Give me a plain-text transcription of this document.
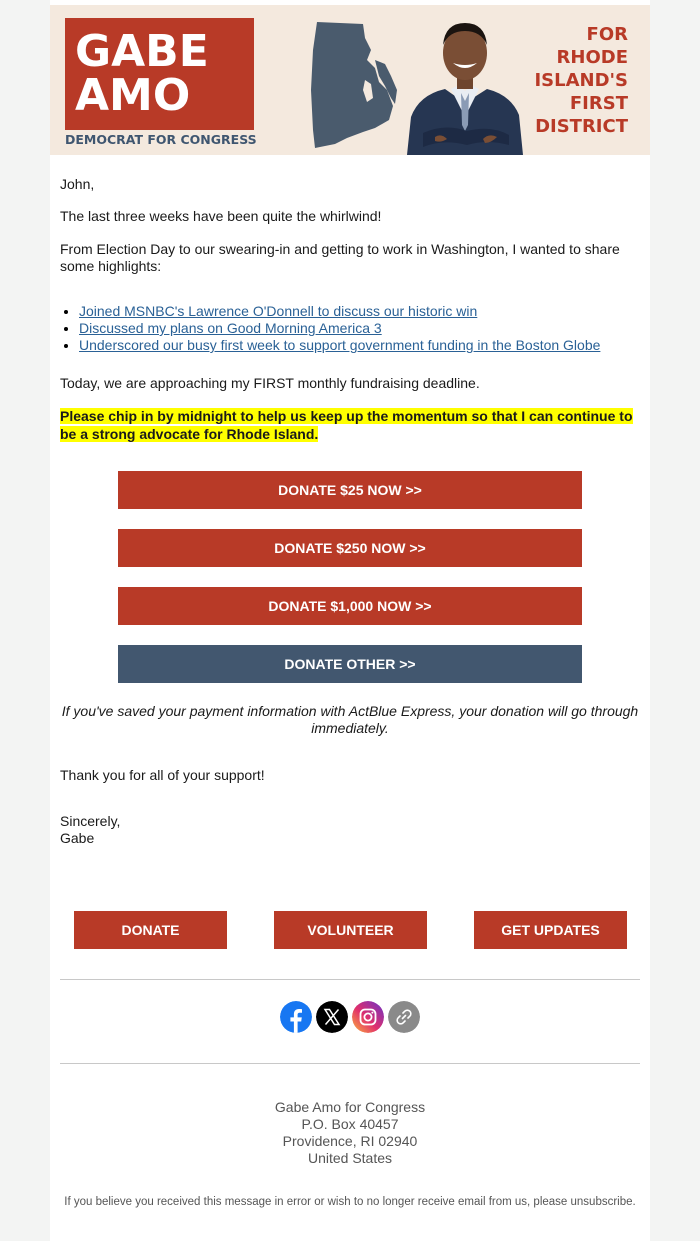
GABE
AMO
DEMOCRAT FOR CONGRESS
FOR
RHODE
ISLAND'S
FIRST
DISTRICT
John,
The last three weeks have been quite the whirlwind!
From Election Day to our swearing-in and getting to work in Washington, I wanted to share some highlights:
• Joined MSNBC's Lawrence O'Donnell to discuss our historic win
• Discussed my plans on Good Morning America 3
• Underscored our busy first week to support government funding in the Boston Globe
Today, we are approaching my FIRST monthly fundraising deadline.
Please chip in by midnight to help us keep up the momentum so that I can continue to be a strong advocate for Rhode Island.
DONATE $25 NOW >>
DONATE $250 NOW >>
DONATE $1,000 NOW >>
DONATE OTHER >>
If you've saved your payment information with ActBlue Express, your donation will go through immediately.
Thank you for all of your support!
Sincerely,
Gabe
DONATE	VOLUNTEER	GET UPDATES
Gabe Amo for Congress
P.O. Box 40457
Providence, RI 02940
United States
If you believe you received this message in error or wish to no longer receive email from us, please unsubscribe.
